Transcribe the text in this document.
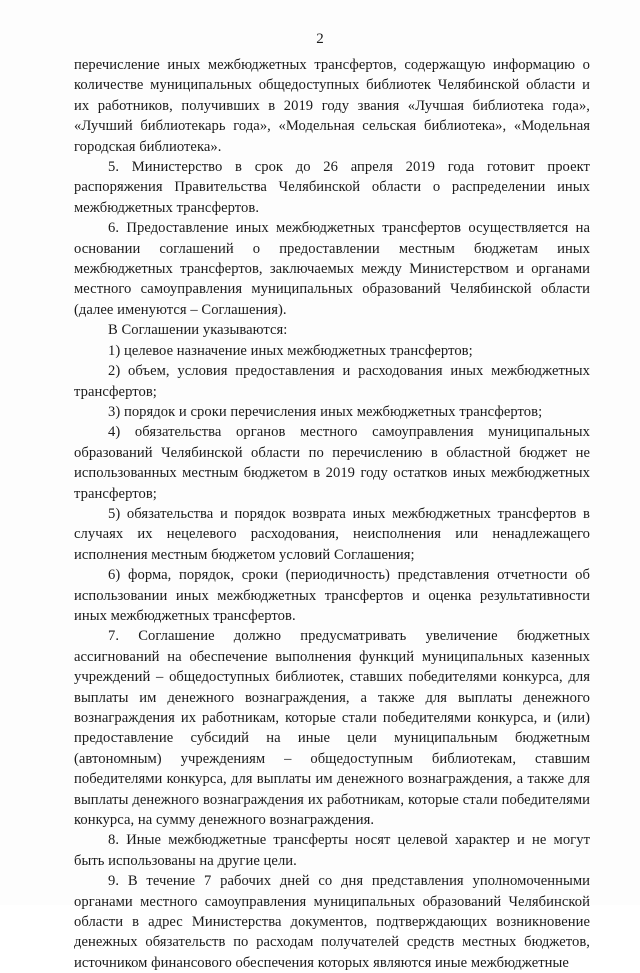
2

перечисление иных межбюджетных трансфертов, содержащую информацию о количестве муниципальных общедоступных библиотек Челябинской области и их работников, получивших в 2019 году звания «Лучшая библиотека года», «Лучший библиотекарь года», «Модельная сельская библиотека», «Модельная городская библиотека».

5. Министерство в срок до 26 апреля 2019 года готовит проект распоряжения Правительства Челябинской области о распределении иных межбюджетных трансфертов.

6. Предоставление иных межбюджетных трансфертов осуществляется на основании соглашений о предоставлении местным бюджетам иных межбюджетных трансфертов, заключаемых между Министерством и органами местного самоуправления муниципальных образований Челябинской области (далее именуются – Соглашения).

В Соглашении указываются:

1) целевое назначение иных межбюджетных трансфертов;

2) объем, условия предоставления и расходования иных межбюджетных трансфертов;

3) порядок и сроки перечисления иных межбюджетных трансфертов;

4) обязательства органов местного самоуправления муниципальных образований Челябинской области по перечислению в областной бюджет не использованных местным бюджетом в 2019 году остатков иных межбюджетных трансфертов;

5) обязательства и порядок возврата иных межбюджетных трансфертов в случаях их нецелевого расходования, неисполнения или ненадлежащего исполнения местным бюджетом условий Соглашения;

6) форма, порядок, сроки (периодичность) представления отчетности об использовании иных межбюджетных трансфертов и оценка результативности иных межбюджетных трансфертов.

7. Соглашение должно предусматривать увеличение бюджетных ассигнований на обеспечение выполнения функций муниципальных казенных учреждений – общедоступных библиотек, ставших победителями конкурса, для выплаты им денежного вознаграждения, а также для выплаты денежного вознаграждения их работникам, которые стали победителями конкурса, и (или) предоставление субсидий на иные цели муниципальным бюджетным (автономным) учреждениям – общедоступным библиотекам, ставшим победителями конкурса, для выплаты им денежного вознаграждения, а также для выплаты денежного вознаграждения их работникам, которые стали победителями конкурса, на сумму денежного вознаграждения.

8. Иные межбюджетные трансферты носят целевой характер и не могут быть использованы на другие цели.

9. В течение 7 рабочих дней со дня представления уполномоченными органами местного самоуправления муниципальных образований Челябинской области в адрес Министерства документов, подтверждающих возникновение денежных обязательств по расходам получателей средств местных бюджетов, источником финансового обеспечения которых являются иные межбюджетные
